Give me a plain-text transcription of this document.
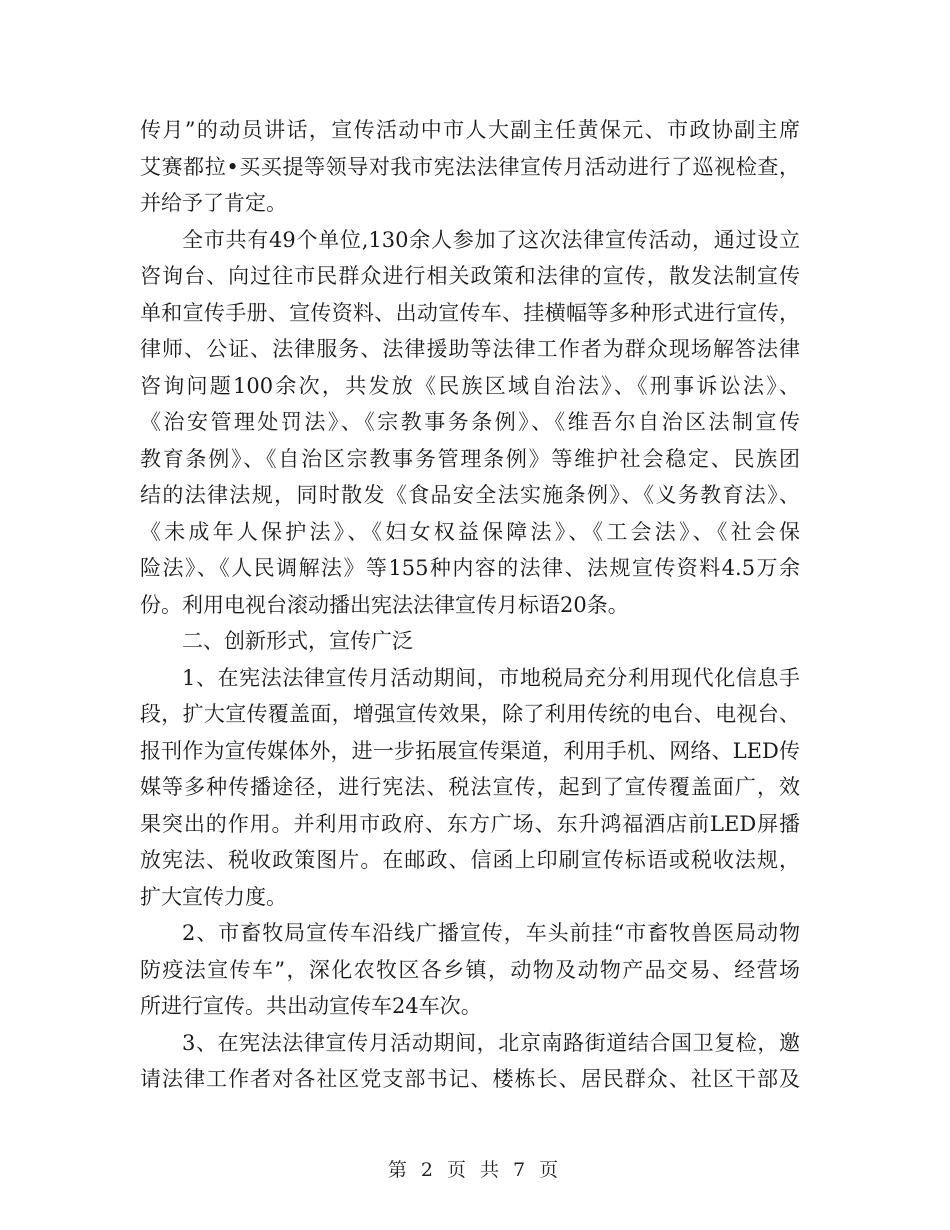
传月”的动员讲话，宣传活动中市人大副主任黄保元、市政协副主席
艾赛都拉•买买提等领导对我市宪法法律宣传月活动进行了巡视检查，
并给予了肯定。
全市共有49个单位,130余人参加了这次法律宣传活动，通过设立
咨询台、向过往市民群众进行相关政策和法律的宣传，散发法制宣传
单和宣传手册、宣传资料、出动宣传车、挂横幅等多种形式进行宣传，
律师、公证、法律服务、法律援助等法律工作者为群众现场解答法律
咨询问题100余次，共发放《民族区域自治法》、《刑事诉讼法》、
《治安管理处罚法》、《宗教事务条例》、《维吾尔自治区法制宣传
教育条例》、《自治区宗教事务管理条例》等维护社会稳定、民族团
结的法律法规，同时散发《食品安全法实施条例》、《义务教育法》、
《未成年人保护法》、《妇女权益保障法》、《工会法》、《社会保
险法》、《人民调解法》等155种内容的法律、法规宣传资料4.5万余
份。利用电视台滚动播出宪法法律宣传月标语20条。
二、创新形式，宣传广泛
1、在宪法法律宣传月活动期间，市地税局充分利用现代化信息手
段，扩大宣传覆盖面，增强宣传效果，除了利用传统的电台、电视台、
报刊作为宣传媒体外，进一步拓展宣传渠道，利用手机、网络、LED传
媒等多种传播途径，进行宪法、税法宣传，起到了宣传覆盖面广，效
果突出的作用。并利用市政府、东方广场、东升鸿福酒店前LED屏播
放宪法、税收政策图片。在邮政、信函上印刷宣传标语或税收法规，
扩大宣传力度。
2、市畜牧局宣传车沿线广播宣传，车头前挂“市畜牧兽医局动物
防疫法宣传车”，深化农牧区各乡镇，动物及动物产品交易、经营场
所进行宣传。共出动宣传车24车次。
3、在宪法法律宣传月活动期间，北京南路街道结合国卫复检，邀
请法律工作者对各社区党支部书记、楼栋长、居民群众、社区干部及
第 2 页 共 7 页
